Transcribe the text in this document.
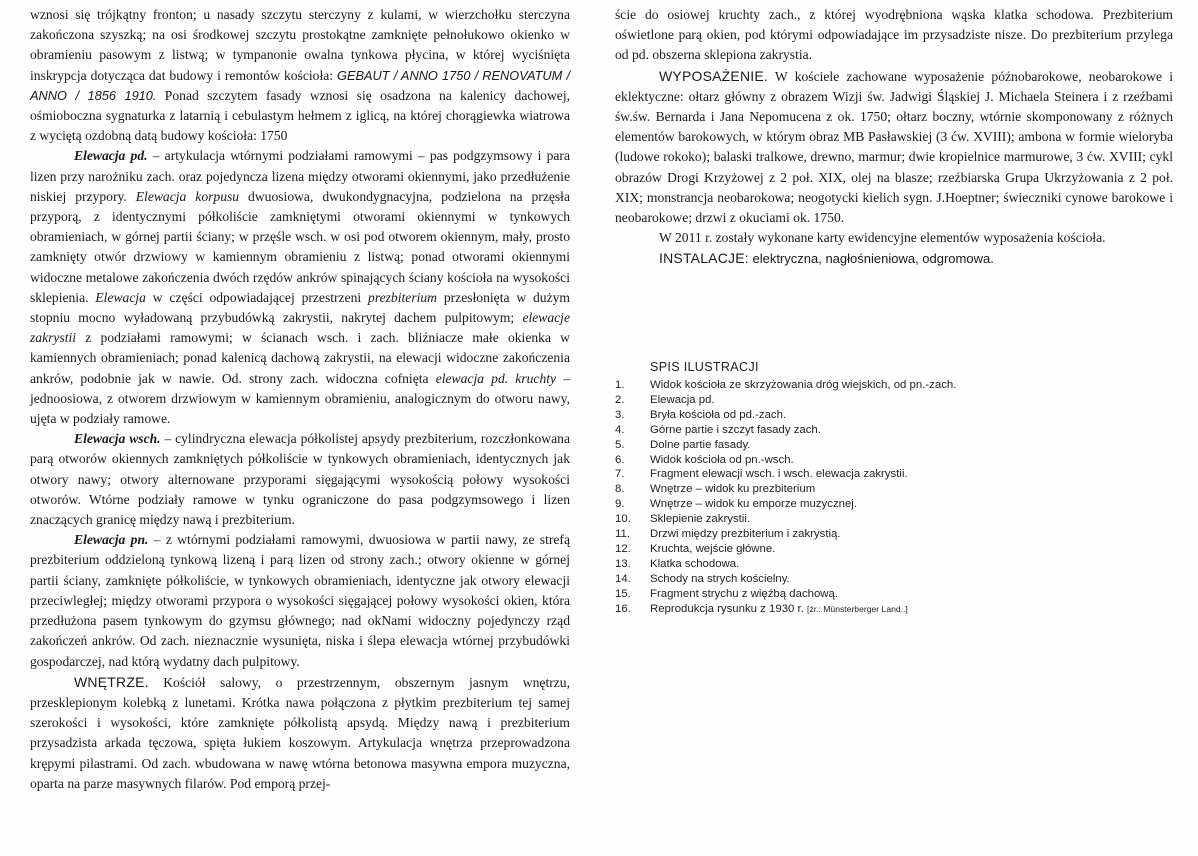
wznosi się trójkątny fronton; u nasady szczytu sterczyny z kulami, w wierzchołku sterczyna zakończona szyszką; na osi środkowej szczytu prostokątne zamknięte pełnołukowo okienko w obramieniu pasowym z listwą; w tympanonie owalna tynkowa płycina, w której wyciśnięta inskrypcja dotycząca dat budowy i remontów kościoła: GEBAUT / ANNO 1750 / RENOVATUM / ANNO / 1856 1910. Ponad szczytem fasady wznosi się osadzona na kalenicy dachowej, ośmioboczna sygnaturka z latarnią i cebulastym hełmem z iglicą, na której chorągiewka wiatrowa z wyciętą ozdobną datą budowy kościoła: 1750

Elewacja pd. – artykulacja wtórnymi podziałami ramowymi – pas podgzymsowy i para lizen przy narożniku zach. oraz pojedyncza lizena między otworami okiennymi, jako przedłużenie niskiej przypory. Elewacja korpusu dwuosiowa, dwukondygnacyjna, podzielona na przęsła przyporą, z identycznymi półkoliście zamkniętymi otworami okiennymi w tynkowych obramieniach, w górnej partii ściany; w przęśle wsch. w osi pod otworem okiennym, mały, prosto zamknięty otwór drzwiowy w kamiennym obramieniu z listwą; ponad otworami okiennymi widoczne metalowe zakończenia dwóch rzędów ankrów spinających ściany kościoła na wysokości sklepienia. Elewacja w części odpowiadającej przestrzeni prezbiterium przesłonięta w dużym stopniu mocno wyładowaną przybudówką zakrystii, nakrytej dachem pulpitowym; elewacje zakrystii z podziałami ramowymi; w ścianach wsch. i zach. bliźniacze małe okienka w kamiennych obramieniach; ponad kalenicą dachową zakrystii, na elewacji widoczne zakończenia ankrów, podobnie jak w nawie. Od. strony zach. widoczna cofnięta elewacja pd. kruchty – jednoosiowa, z otworem drzwiowym w kamiennym obramieniu, analogicznym do otworu nawy, ujęta w podziały ramowe.

Elewacja wsch. – cylindryczna elewacja półkolistej apsydy prezbiterium, rozczłonkowana parą otworów okiennych zamkniętych półkoliście w tynkowych obramieniach, identycznych jak otwory nawy; otwory alternowane przyporami sięgającymi wysokością połowy wysokości otworów. Wtórne podziały ramowe w tynku ograniczone do pasa podgzymsowego i lizen znaczących granicę między nawą i prezbiterium.

Elewacja pn. – z wtórnymi podziałami ramowymi, dwuosiowa w partii nawy, ze strefą prezbiterium oddzieloną tynkową lizeną i parą lizen od strony zach.; otwory okienne w górnej partii ściany, zamknięte półkoliście, w tynkowych obramieniach, identyczne jak otwory elewacji przeciwległej; między otworami przypora o wysokości sięgającej połowy wysokości okien, która przedłużona pasem tynkowym do gzymsu głównego; nad okNami widoczny pojedynczy rząd zakończeń ankrów. Od zach. nieznacznie wysunięta, niska i ślepa elewacja wtórnej przybudówki gospodarczej, nad którą wydatny dach pulpitowy.

WNĘTRZE. Kościół salowy, o przestrzennym, obszernym jasnym wnętrzu, przesklepionym kolebką z lunetami. Krótka nawa połączona z płytkim prezbiterium tej samej szerokości i wysokości, które zamknięte półkolistą apsydą. Między nawą i prezbiterium przysadzista arkada tęczowa, spięta łukiem koszowym. Artykulacja wnętrza przeprowadzona krępymi pilastrami. Od zach. wbudowana w nawę wtórna betonowa masywna empora muzyczna, oparta na parze masywnych filarów. Pod emporą przej-

ście do osiowej kruchty zach., z której wyodrębniona wąska klatka schodowa. Prezbiterium oświetlone parą okien, pod którymi odpowiadające im przysadziste nisze. Do prezbiterium przylega od pd. obszerna sklepiona zakrystia.

WYPOSAŻENIE. W kościele zachowane wyposażenie późnobarokowe, neobarokowe i eklektyczne: ołtarz główny z obrazem Wizji św. Jadwigi Śląskiej J. Michaela Steinera i z rzeźbami św.św. Bernarda i Jana Nepomucena z ok. 1750; ołtarz boczny, wtórnie skomponowany z różnych elementów barokowych, w którym obraz MB Pasławskiej (3 ćw. XVIII); ambona w formie wieloryba (ludowe rokoko); balaski tralkowe, drewno, marmur; dwie kropielnice marmurowe, 3 ćw. XVIII; cykl obrazów Drogi Krzyżowej z 2 poł. XIX, olej na blasze; rzeźbiarska Grupa Ukrzyżowania z 2 poł. XIX; monstrancja neobarokowa; neogotycki kielich sygn. J.Hoeptner; świeczniki cynowe barokowe i neobarokowe; drzwi z okuciami ok. 1750.

W 2011 r. zostały wykonane karty ewidencyjne elementów wyposażenia kościoła.

INSTALACJE: elektryczna, nagłośnieniowa, odgromowa.

SPIS ILUSTRACJI
1.	Widok kościoła ze skrzyżowania dróg wiejskich, od pn.-zach.
2.	Elewacja pd.
3.	Bryła kościoła od pd.-zach.
4.	Górne partie i szczyt fasady zach.
5.	Dolne partie fasady.
6.	Widok kościoła od pn.-wsch.
7.	Fragment elewacji wsch. i wsch. elewacja zakrystii.
8.	Wnętrze – widok ku prezbiterium
9.	Wnętrze – widok ku emporze muzycznej.
10.	Sklepienie zakrystii.
11.	Drzwi między prezbiterium i zakrystią.
12.	Kruchta, wejście główne.
13.	Klatka schodowa.
14.	Schody na strych kościelny.
15.	Fragment strychu z więźbą dachową.
16.	Reprodukcja rysunku z 1930 r. [źr.: Münsterberger Land..]
